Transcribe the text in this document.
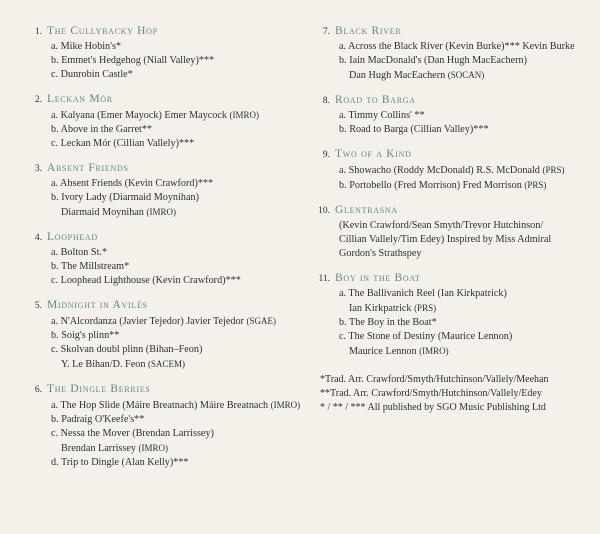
1. The Cullybacky Hop
a. Mike Hobin's*
b. Emmet's Hedgehog (Niall Valley)***
c. Dunrobin Castle*
2. Leckan Mór
a. Kalyana (Emer Mayock) Emer Maycock (IMRO)
b. Above in the Garret**
c. Leckan Mór (Cillian Vallely)***
3. Absent Friends
a. Absent Friends (Kevin Crawford)***
b. Ivory Lady (Diarmaid Moynihan)
Diarmaid Moynihan (IMRO)
4. Loophead
a. Bolton St.*
b. The Millstream*
c. Loophead Lighthouse (Kevin Crawford)***
5. Midnight in Avilés
a. N'Alcordanza (Javier Tejedor) Javier Tejedor (SGAE)
b. Soig's plinn**
c. Skolvan doubl plinn (Bihan–Feon)
Y. Le Bihan/D. Feon (SACEM)
6. The Dingle Berries
a. The Hop Slide (Máire Breatnach) Máire Breatnach (IMRO)
b. Padraig O'Keefe's**
c. Nessa the Mover (Brendan Larrissey)
Brendan Larrissey (IMRO)
d. Trip to Dingle (Alan Kelly)***
7. Black River
a. Across the Black River (Kevin Burke)*** Kevin Burke
b. Iain MacDonald's (Dan Hugh MacEachern)
Dan Hugh MacEachern (SOCAN)
8. Road to Barga
a. Timmy Collins' **
b. Road to Barga (Cillian Valley)***
9. Two of a Kind
a. Showacho (Roddy McDonald) R.S. McDonald (PRS)
b. Portobello (Fred Morrison) Fred Morrison (PRS)
10. Glentrasna
(Kevin Crawford/Sean Smyth/Trevor Hutchinson/
Cillian Vallely/Tim Edey) Inspired by Miss Admiral
Gordon's Strathspey
11. Boy in the Boat
a. The Ballivanich Reel (Ian Kirkpatrick)
Ian Kirkpatrick (PRS)
b. The Boy in the Boat*
c. The Stone of Destiny (Maurice Lennon)
Maurice Lennon (IMRO)
*Trad. Arr. Crawford/Smyth/Hutchinson/Vallely/Meehan
**Trad. Arr. Crawford/Smyth/Hutchinson/Vallely/Edey
* / ** / *** All published by SGO Music Publishing Ltd
